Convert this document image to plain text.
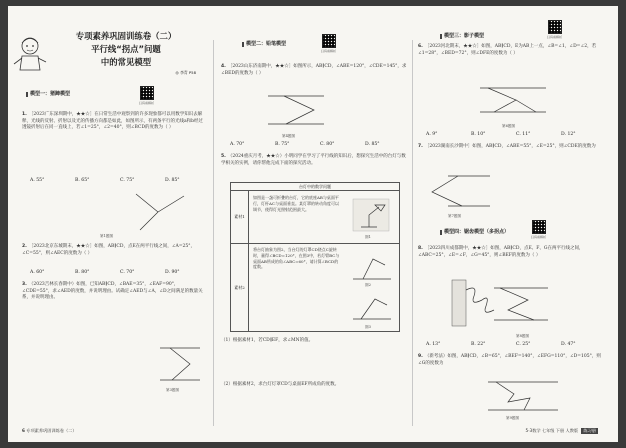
专项素养巩固训练卷（二）
平行线“拐点”问题
中的常见模型
◎ 李青 P58
模型一：猪蹄模型
扫码看解析
1. ［2023广东深圳期中，★★☆］在日常生活中观察到的许多现象都可以用数学知识去解释，光线的反射、折射以及光的传播方向都是如此，如图所示，有两条平行的光线a和b经过透镜折射后在同一直线上，若∠1=25°，∠2=40°，则∠BCD的度数为（ ）
A. 55°	B. 65°	C. 75°	D. 85°
第1题图
2. ［2023北京东城期末，★★☆］如图，AB∥CD，点E在两平行线之间，∠A=25°，∠C=55°，则∠AEC的度数为（ ）
A. 60°	B. 80°	C. 70°	D. 90°
3. （2023吉林长春期中）如图，已知AB∥CD，∠BAE=35°，∠EAF=90°，∠CDE=55°，求∠AED的度数，并说明理由。试确定∠AED与∠A，∠D之间满足的数量关系，并说明理由。
第3题图
模型二：铅笔模型
扫码看解析
4. ［2023山东济南期中，★★☆］如图所示，AB∥CD，∠ABE=120°，∠CDE=145°，求∠BED的度数为（ ）
第4题图
A. 70°	B. 75°	C. 80°	D. 85°
5. （2024重庆月考，★★☆）小明同学在学习了平行线的知识后，想探究生活中的台灯与数学相关的实例，请你帮他完成下面的探究活动。
台灯中的数学问题
素材1
如图是一盏可折叠的台灯，它的底座AB与桌面平行，灯杆AC与桌面垂直。某灯罩的转动角度可以调节，使得灯光照射范围最大。
图1
素材2
将台灯抽象为图2，当台灯的灯罩CD绕点C旋转时，量得∠BCD=120°，在图3中，若灯臂BC与桌面AB所成的角∠ABC=60°，请计算∠BCD的度数。
图2
图3
（1）根据素材1，若CD∥EF，求∠MN的值。
（2）根据素材2，求台灯灯罩CD与桌面EF所成角的度数。
模型三：影子模型	扫码看解析
6. ［2023河北期末，★★☆］如图，AB∥CD，E为AB上一点，∠B=∠1，∠D=∠2，若∠1=28°，∠BED=72°，则∠DFE的度数为（ ）
第6题图
A. 9°	B. 10°	C. 11°	D. 12°
7. ［2023湖南长沙期中］如图，AB∥CD，∠ABE=55°，∠E=25°，则∠CDE的度数为
第7题图
模型四：锯齿模型（多拐点）
扫码看解析
8. ［2023四川成都期中，★★☆］如图，AB∥CD，点E、F、G在两平行线之间，∠ABC=25°，∠E=∠F，∠G=45°，则∠BEF的度数为（ ）
第8题图
A. 13°	B. 22°	C. 25°	D. 47°
9. （新考法）如图，AB∥CD，∠B=65°，∠BEF=140°，∠EFG=110°，∠D=105°，则∠G的度数为
第9题图
6 专项素养巩固训练卷（二）	5·3数学 七年级 下册 人教版 练习册
